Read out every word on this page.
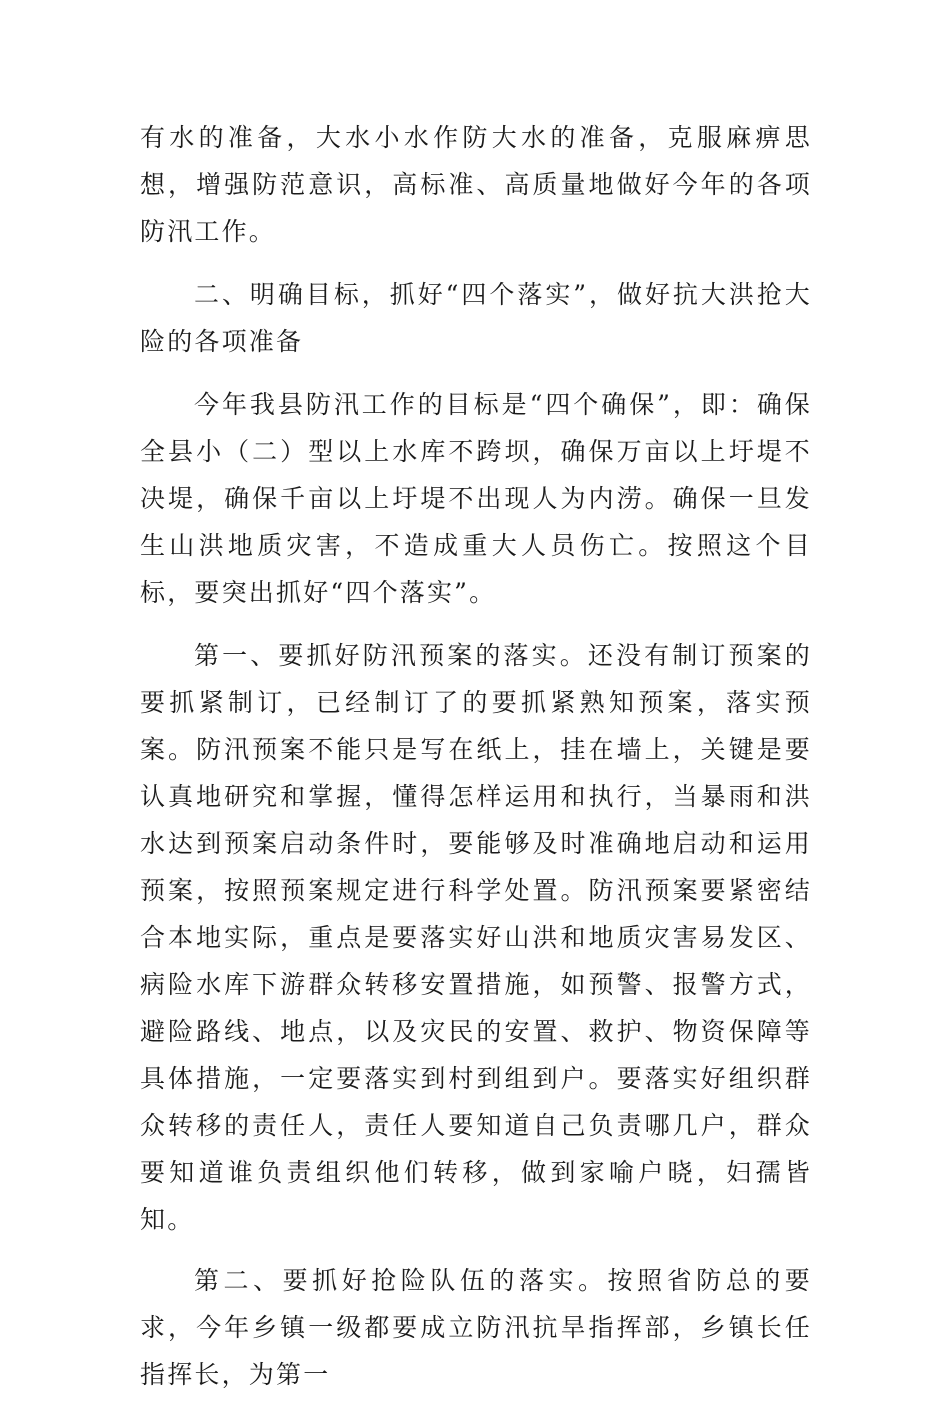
有水的准备，大水小水作防大水的准备，克服麻痹思想，增强防范意识，高标准、高质量地做好今年的各项防汛工作。

二、明确目标，抓好“四个落实”，做好抗大洪抢大险的各项准备

今年我县防汛工作的目标是“四个确保”，即：确保全县小（二）型以上水库不跨坝，确保万亩以上圩堤不决堤，确保千亩以上圩堤不出现人为内涝。确保一旦发生山洪地质灾害，不造成重大人员伤亡。按照这个目标，要突出抓好“四个落实”。

第一、要抓好防汛预案的落实。还没有制订预案的要抓紧制订，已经制订了的要抓紧熟知预案，落实预案。防汛预案不能只是写在纸上，挂在墙上，关键是要认真地研究和掌握，懂得怎样运用和执行，当暴雨和洪水达到预案启动条件时，要能够及时准确地启动和运用预案，按照预案规定进行科学处置。防汛预案要紧密结合本地实际，重点是要落实好山洪和地质灾害易发区、病险水库下游群众转移安置措施，如预警、报警方式，避险路线、地点，以及灾民的安置、救护、物资保障等具体措施，一定要落实到村到组到户。要落实好组织群众转移的责任人，责任人要知道自己负责哪几户，群众要知道谁负责组织他们转移，做到家喻户晓，妇孺皆知。

第二、要抓好抢险队伍的落实。按照省防总的要求，今年乡镇一级都要成立防汛抗旱指挥部，乡镇长任指挥长，为第一
